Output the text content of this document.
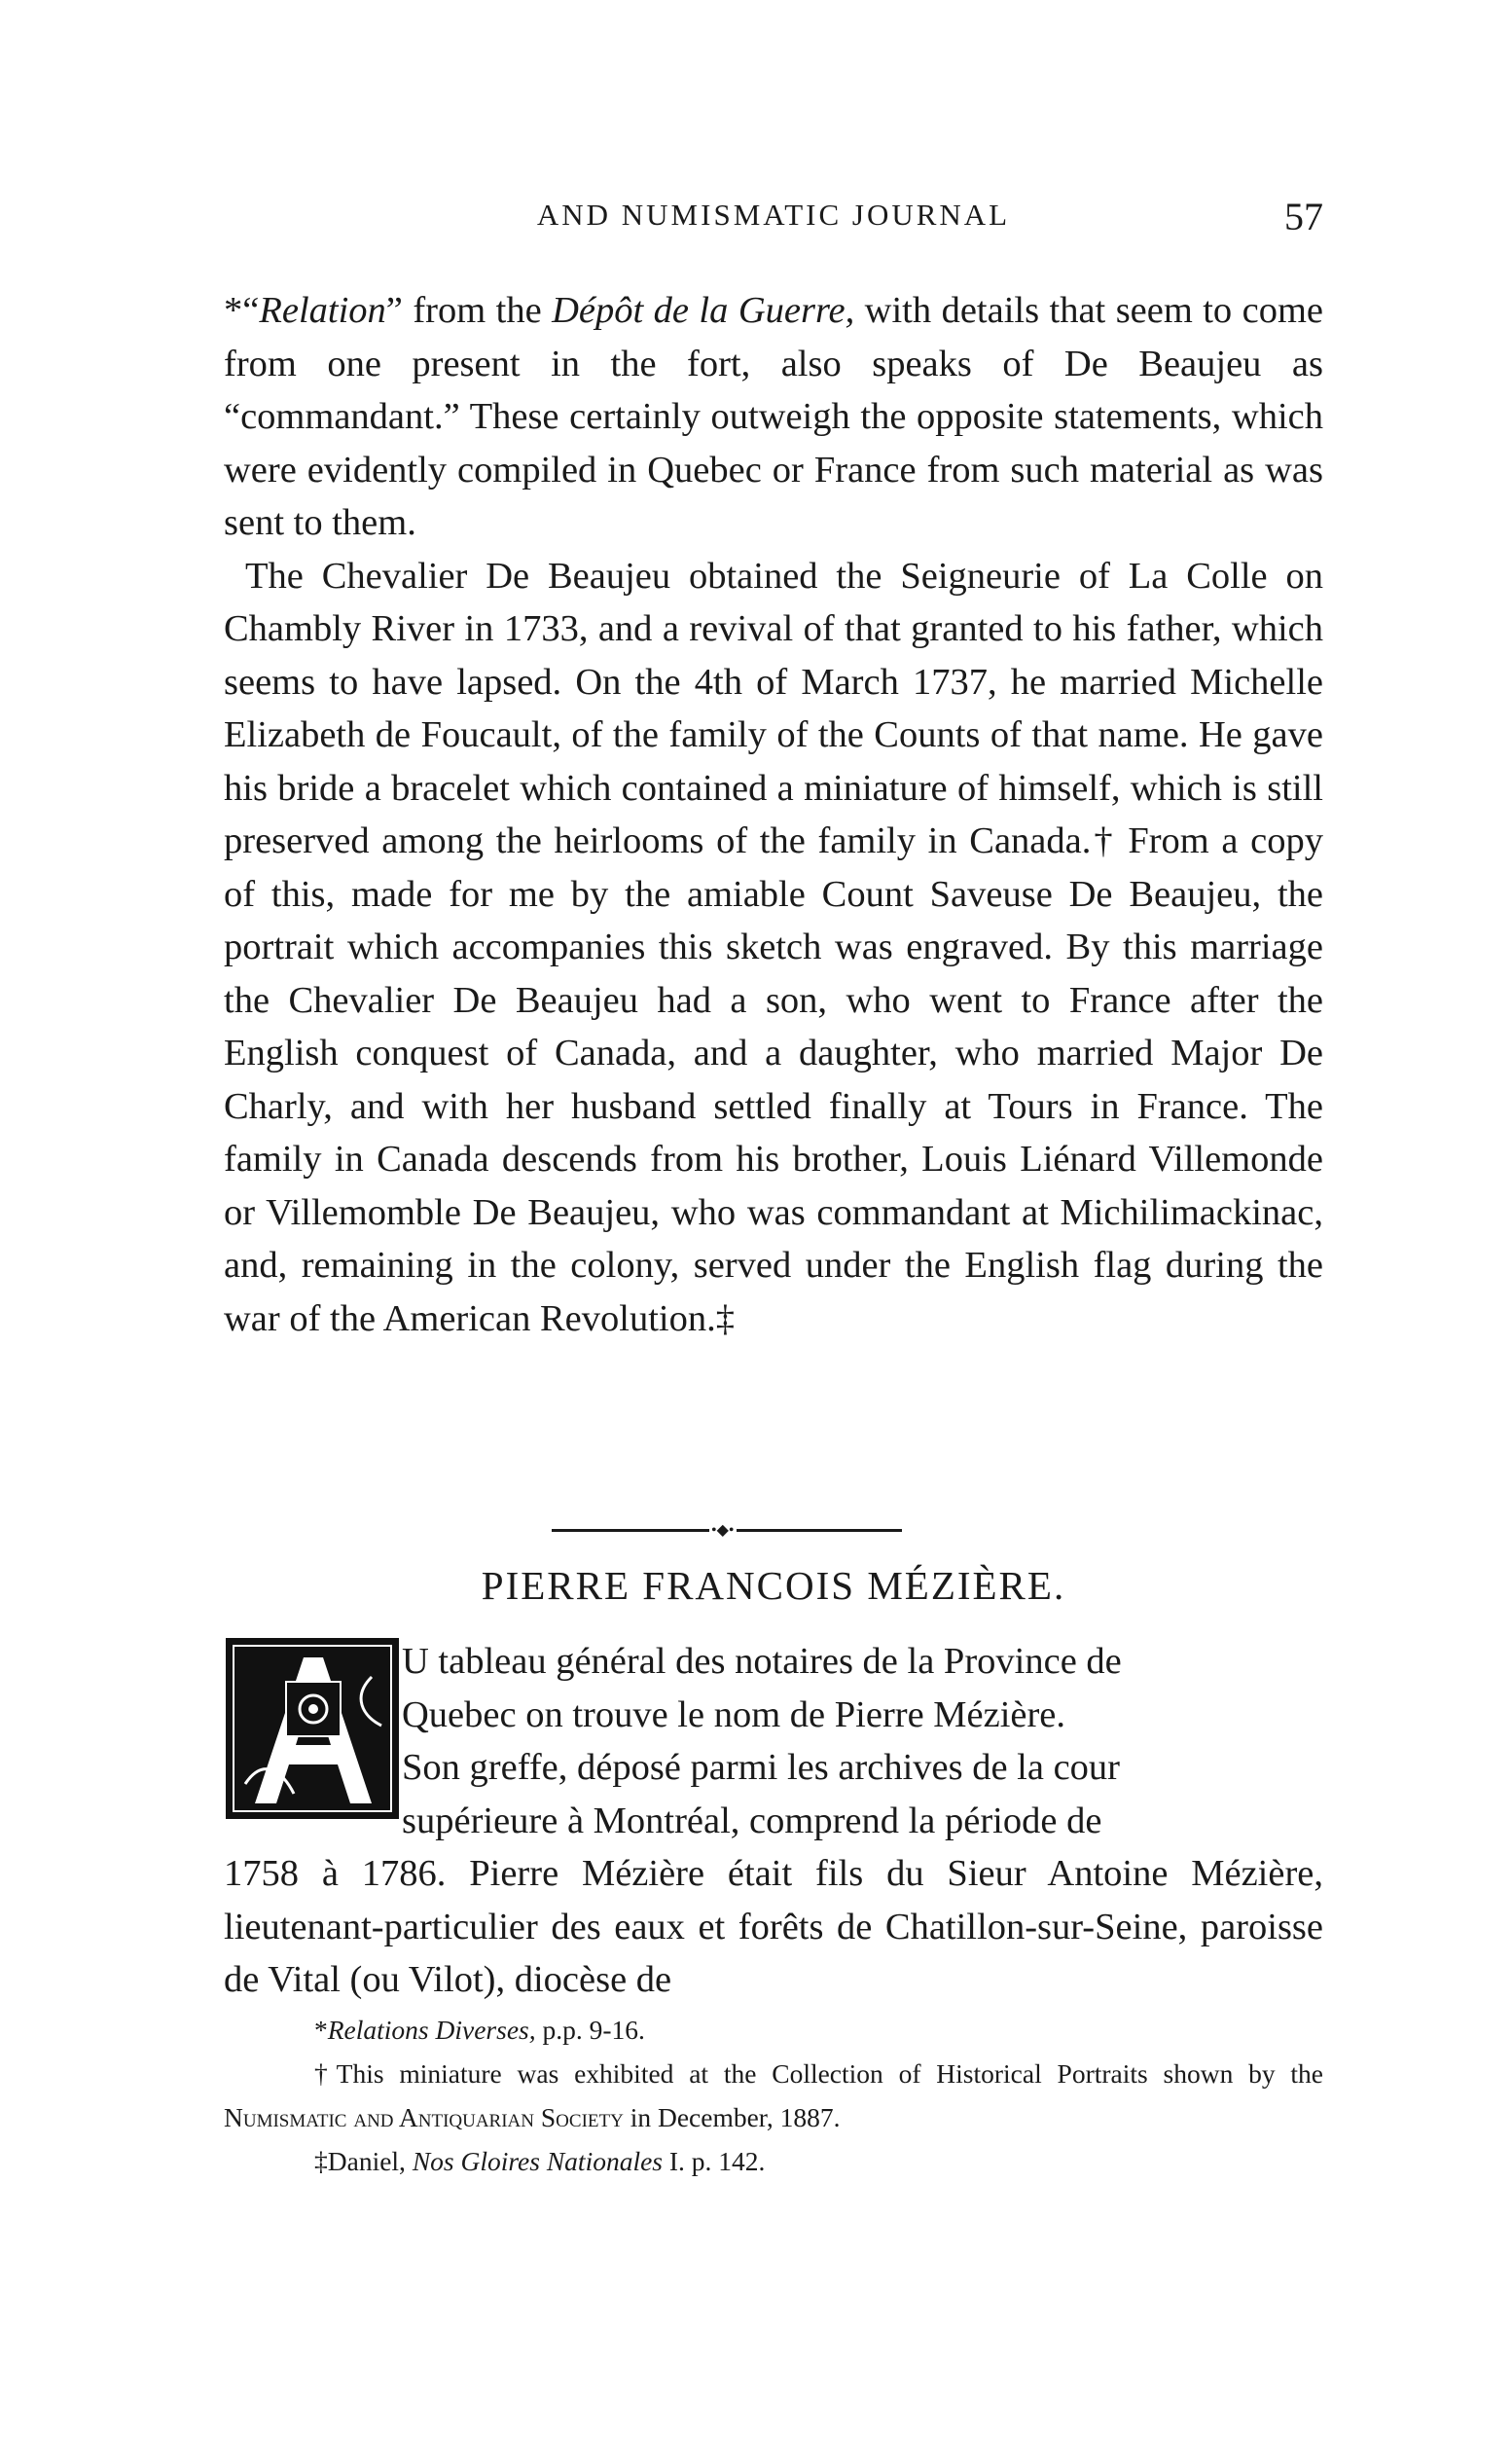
AND NUMISMATIC JOURNAL	57

*“Relation” from the Dépôt de la Guerre, with details that seem to come from one present in the fort, also speaks of De Beaujeu as “commandant.” These certainly outweigh the opposite statements, which were evidently compiled in Quebec or France from such material as was sent to them.

The Chevalier De Beaujeu obtained the Seigneurie of La Colle on Chambly River in 1733, and a revival of that granted to his father, which seems to have lapsed. On the 4th of March 1737, he married Michelle Elizabeth de Foucault, of the family of the Counts of that name. He gave his bride a bracelet which contained a miniature of himself, which is still preserved among the heirlooms of the family in Canada.† From a copy of this, made for me by the amiable Count Saveuse De Beaujeu, the portrait which accompanies this sketch was engraved. By this marriage the Chevalier De Beaujeu had a son, who went to France after the English conquest of Canada, and a daughter, who married Major De Charly, and with her husband settled finally at Tours in France. The family in Canada descends from his brother, Louis Liénard Villemonde or Villemomble De Beaujeu, who was commandant at Michilimackinac, and, remaining in the colony, served under the English flag during the war of the American Revolution.‡

•◆•
PIERRE FRANCOIS MÉZIÈRE.
A
U tableau général des notaires de la Province de
Quebec on trouve le nom de Pierre Mézière.
Son greffe, déposé parmi les archives de la cour
supérieure à Montréal, comprend la période de

1758 à 1786. Pierre Mézière était fils du Sieur Antoine Mézière, lieutenant-particulier des eaux et forêts de Chatillon-sur-Seine, paroisse de Vital (ou Vilot), diocèse de

*Relations Diverses, p.p. 9-16.

†This miniature was exhibited at the Collection of Historical Portraits shown by the Numismatic and Antiquarian Society in December, 1887.

‡Daniel, Nos Gloires Nationales I. p. 142.
